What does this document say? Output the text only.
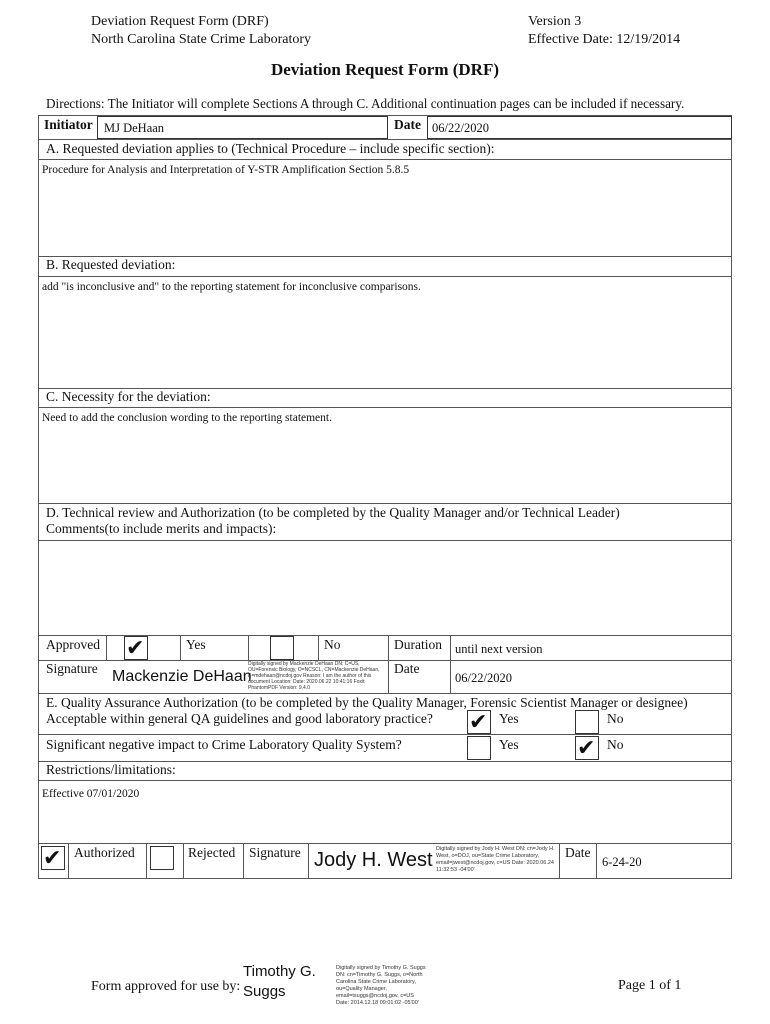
Deviation Request Form (DRF)
North Carolina State Crime Laboratory
Version 3
Effective Date: 12/19/2014
Deviation Request Form (DRF)
Directions: The Initiator will complete Sections A through C. Additional continuation pages can be included if necessary.
Initiator MJ DeHaan	Date 06/22/2020
A. Requested deviation applies to (Technical Procedure – include specific section):
Procedure for Analysis and Interpretation of Y-STR Amplification Section 5.8.5
B. Requested deviation:
add "is inconclusive and" to the reporting statement for inconclusive comparisons.
C. Necessity for the deviation:
Need to add the conclusion wording to the reporting statement.
D. Technical review and Authorization (to be completed by the Quality Manager and/or Technical Leader)
Comments(to include merits and impacts):
Approved ✔	Yes	No	Duration until next version
Signature Mackenzie DeHaan
Digitally signed by Mackenzie DeHaan DN: C=US, OU=Forensic Biology, O=NCSCL, CN=Mackenzie DeHaan, E=mdehaan@ncdoj.gov Reason: I am the author of this document Location: Date: 2020.06.22 10:41:16 Foxit PhantomPDF Version: 9.4.0
Date
06/22/2020
E. Quality Assurance Authorization (to be completed by the Quality Manager, Forensic Scientist Manager or designee)
Acceptable within general QA guidelines and good laboratory practice? ✔ Yes	No
Significant negative impact to Crime Laboratory Quality System?	Yes	✔ No
Restrictions/limitations:
Effective 07/01/2020
✔ Authorized	Rejected Signature Jody H. West Digitally signed by Jody H. West DN: cn=Jody H. West, o=DOJ, ou=State Crime Laboratory, email=jwest@ncdoj.gov, c=US Date: 2020.06.24 11:32:53 -04'00'
Date
6-24-20
Form approved for use by:
Timothy G.
Suggs
Digitally signed by Timothy G. Suggs DN: cn=Timothy G. Suggs, o=North Carolina State Crime Laboratory, ou=Quality Manager, email=tsuggs@ncdoj.gov, c=US Date: 2014.12.18 09:01:02 -05'00'
Page 1 of 1
